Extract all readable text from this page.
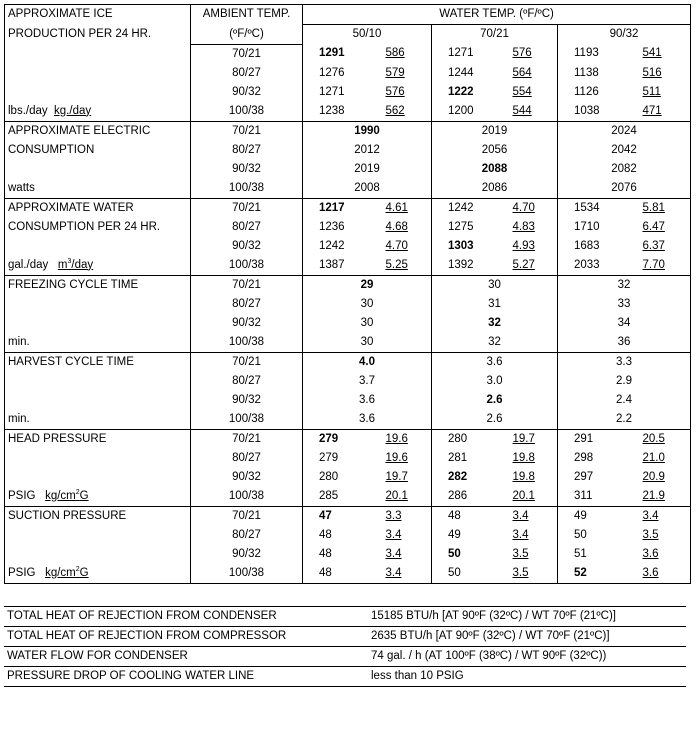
APPROXIMATE ICE	AMBIENT TEMP.	WATER TEMP. (ºF/ºC)					
PRODUCTION PER 24 HR.	(ºF/ºC)	50/10		70/21		90/32	
	70/21	1291	586	1271	576	1193	541
	80/27	1276	579	1244	564	1138	516
	90/32	1271	576	1222	554	1126	511
lbs./day kg./day	100/38	1238	562	1200	544	1038	471
APPROXIMATE ELECTRIC	70/21	1990		2019		2024	
CONSUMPTION	80/27	2012		2056		2042	
	90/32	2019		2088		2082	
watts	100/38	2008		2086		2076	
APPROXIMATE WATER	70/21	1217	4.61	1242	4.70	1534	5.81
CONSUMPTION PER 24 HR.	80/27	1236	4.68	1275	4.83	1710	6.47
	90/32	1242	4.70	1303	4.93	1683	6.37
gal./day $m^3$/day	100/38	1387	5.25	1392	5.27	2033	7.70
FREEZING CYCLE TIME	70/21	29		30		32	
	80/27	30		31		33	
	90/32	30		32		34	
min.	100/38	30		32		36	
HARVEST CYCLE TIME	70/21	4.0		3.6		3.3	
	80/27	3.7		3.0		2.9	
	90/32	3.6		2.6		2.4	
min.	100/38	3.6		2.6		2.2	
HEAD PRESSURE	70/21	279	19.6	280	19.7	291	20.5
	80/27	279	19.6	281	19.8	298	21.0
	90/32	280	19.7	282	19.8	297	20.9
PSIG $kg/cm^2G$	100/38	285	20.1	286	20.1	311	21.9
SUCTION PRESSURE	70/21	47	3.3	48	3.4	49	3.4
	80/27	48	3.4	49	3.4	50	3.5
	90/32	48	3.4	50	3.5	51	3.6
PSIG $kg/cm^2G$	100/38	48	3.4	50	3.5	52	3.6
TOTAL HEAT OF REJECTION FROM CONDENSER	15185 BTU/h [AT 90ºF (32ºC) / WT 70ºF (21ºC)]
TOTAL HEAT OF REJECTION FROM COMPRESSOR	2635 BTU/h [AT 90ºF (32ºC) / WT 70ºF (21ºC)]
WATER FLOW FOR CONDENSER	74 gal. / h (AT 100ºF (38ºC) / WT 90ºF (32ºC))
PRESSURE DROP OF COOLING WATER LINE	less than 10 PSIG
